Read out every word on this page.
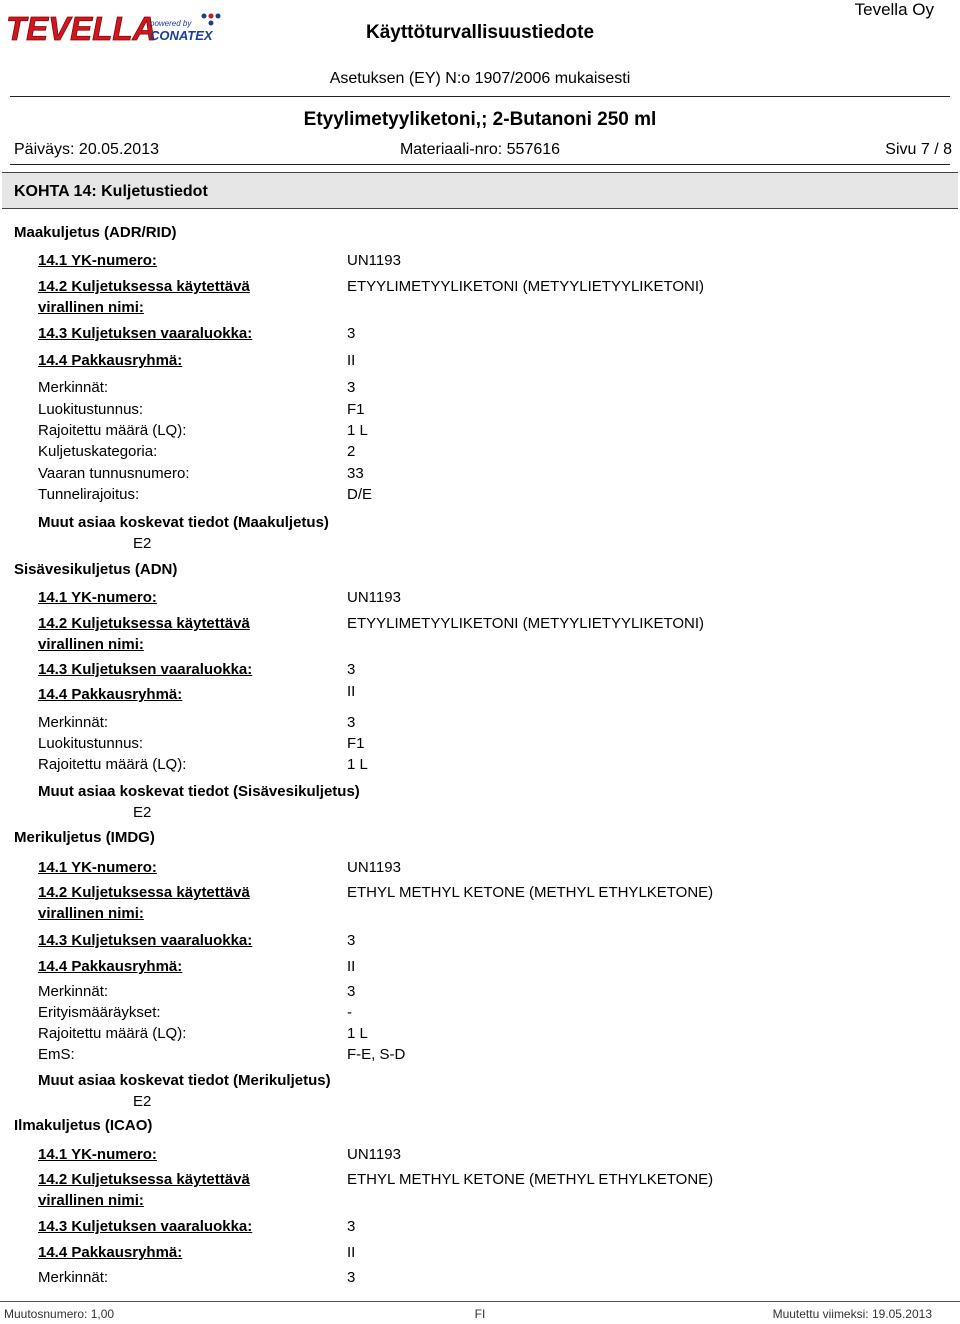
TEVELLA
powered by
CONATEX	Käyttöturvallisuustiedote
Tevella Oy
Asetuksen (EY) N:o 1907/2006 mukaisesti
Etyylimetyyliketoni,; 2-Butanoni 250 ml
Materiaali-nro: 557616
Päiväys: 20.05.2013	Sivu 7 / 8
KOHTA 14: Kuljetustiedot
Maakuljetus (ADR/RID)
14.1 YK-numero:	UN1193
14.2 Kuljetuksessa käytettävä
virallinen nimi:
ETYYLIMETYYLIKETONI (METYYLIETYYLIKETONI)
14.3 Kuljetuksen vaaraluokka:	3
14.4 Pakkausryhmä:	II
Merkinnät:	3
Luokitustunnus:	F1
Rajoitettu määrä (LQ):	1 L
Kuljetuskategoria:	2
Vaaran tunnusnumero:	33
Tunnelirajoitus:	D/E
Muut asiaa koskevat tiedot (Maakuljetus)
E2
Sisävesikuljetus (ADN)
14.1 YK-numero:	UN1193
14.2 Kuljetuksessa käytettävä
virallinen nimi:
ETYYLIMETYYLIKETONI (METYYLIETYYLIKETONI)
14.3 Kuljetuksen vaaraluokka:	3
14.4 Pakkausryhmä:	II
Merkinnät:	3
Luokitustunnus:	F1
Rajoitettu määrä (LQ):	1 L
Muut asiaa koskevat tiedot (Sisävesikuljetus)
E2
Merikuljetus (IMDG)
14.1 YK-numero:	UN1193
14.2 Kuljetuksessa käytettävä
virallinen nimi:
ETHYL METHYL KETONE (METHYL ETHYLKETONE)
14.3 Kuljetuksen vaaraluokka:	3
14.4 Pakkausryhmä:	II
Merkinnät:	3
Erityismääräykset:	-
Rajoitettu määrä (LQ):	1 L
EmS:	F-E, S-D
Muut asiaa koskevat tiedot (Merikuljetus)
E2
Ilmakuljetus (ICAO)
14.1 YK-numero:	UN1193
14.2 Kuljetuksessa käytettävä
virallinen nimi:
ETHYL METHYL KETONE (METHYL ETHYLKETONE)
14.3 Kuljetuksen vaaraluokka:	3
14.4 Pakkausryhmä:	II
Merkinnät:	3
Muutosnumero: 1,00	FI	Muutettu viimeksi: 19.05.2013
